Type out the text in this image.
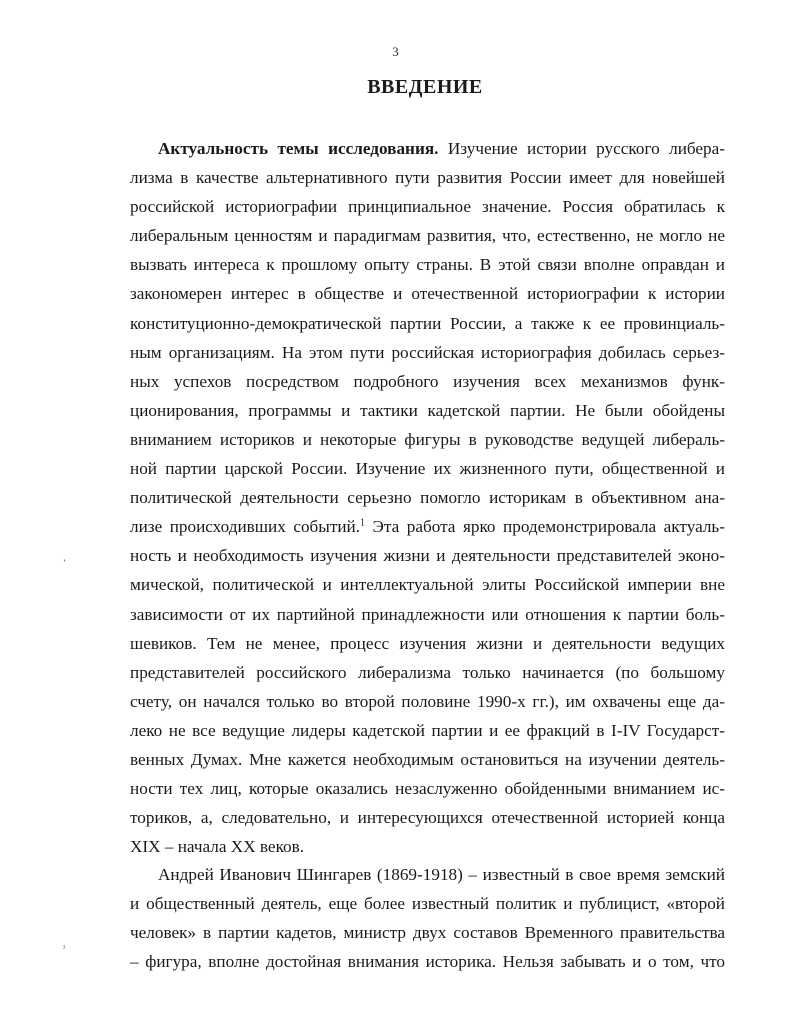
3
ВВЕДЕНИЕ
Актуальность темы исследования. Изучение истории русского либера-
лизма в качестве альтернативного пути развития России имеет для новейшей
российской историографии принципиальное значение. Россия обратилась к
либеральным ценностям и парадигмам развития, что, естественно, не могло не
вызвать интереса к прошлому опыту страны. В этой связи вполне оправдан и
закономерен интерес в обществе и отечественной историографии к истории
конституционно-демократической партии России, а также к ее провинциаль-
ным организациям. На этом пути российская историография добилась серьез-
ных успехов посредством подробного изучения всех механизмов функ-
ционирования, программы и тактики кадетской партии. Не были обойдены
вниманием историков и некоторые фигуры в руководстве ведущей либераль-
ной партии царской России. Изучение их жизненного пути, общественной и
политической деятельности серьезно помогло историкам в объективном ана-
лизе происходивших событий.$^1$ Эта работа ярко продемонстрировала актуаль-
ность и необходимость изучения жизни и деятельности представителей эконо-
мической, политической и интеллектуальной элиты Российской империи вне
зависимости от их партийной принадлежности или отношения к партии боль-
шевиков. Тем не менее, процесс изучения жизни и деятельности ведущих
представителей российского либерализма только начинается (по большому
счету, он начался только во второй половине 1990-х гг.), им охвачены еще да-
леко не все ведущие лидеры кадетской партии и ее фракций в I-IV Государст-
венных Думах. Мне кажется необходимым остановиться на изучении деятель-
ности тех лиц, которые оказались незаслуженно обойденными вниманием ис-
ториков, а, следовательно, и интересующихся отечественной историей конца
XIX – начала XX веков.
Андрей Иванович Шингарев (1869-1918) – известный в свое время земский
и общественный деятель, еще более известный политик и публицист, «второй
человек» в партии кадетов, министр двух составов Временного правительства
– фигура, вполне достойная внимания историка. Нельзя забывать и о том, что
ʼ
ˀ
